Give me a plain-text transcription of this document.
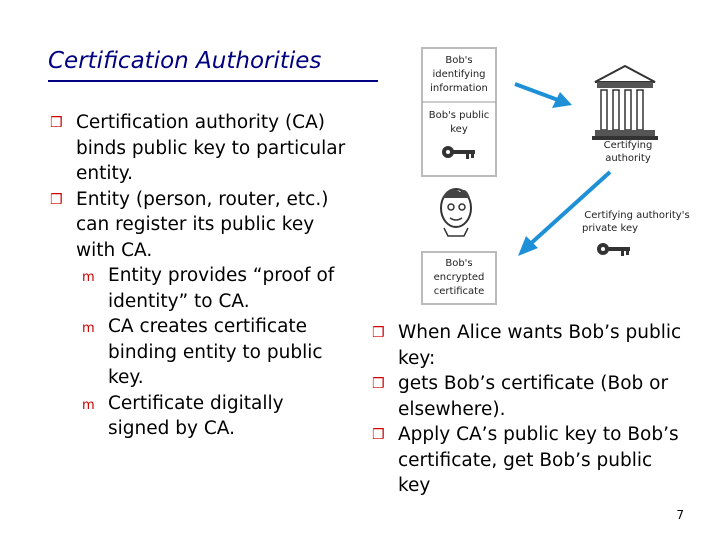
Certification Authorities
❒ Certification authority (CA) binds public key to particular entity.
❒ Entity (person, router, etc.) can register its public key with CA.
m Entity provides “proof of identity” to CA.
m CA creates certificate binding entity to public key.
m Certificate digitally signed by CA.
❒ When Alice wants Bob’s public key:
❒ gets Bob’s certificate (Bob or elsewhere).
❒ Apply CA’s public key to Bob’s certificate, get Bob’s public key
Bob's
identifying
information
Bob's public
key
Certifying
authority
Certifying authority's
private key
Bob's
encrypted
certificate
7
